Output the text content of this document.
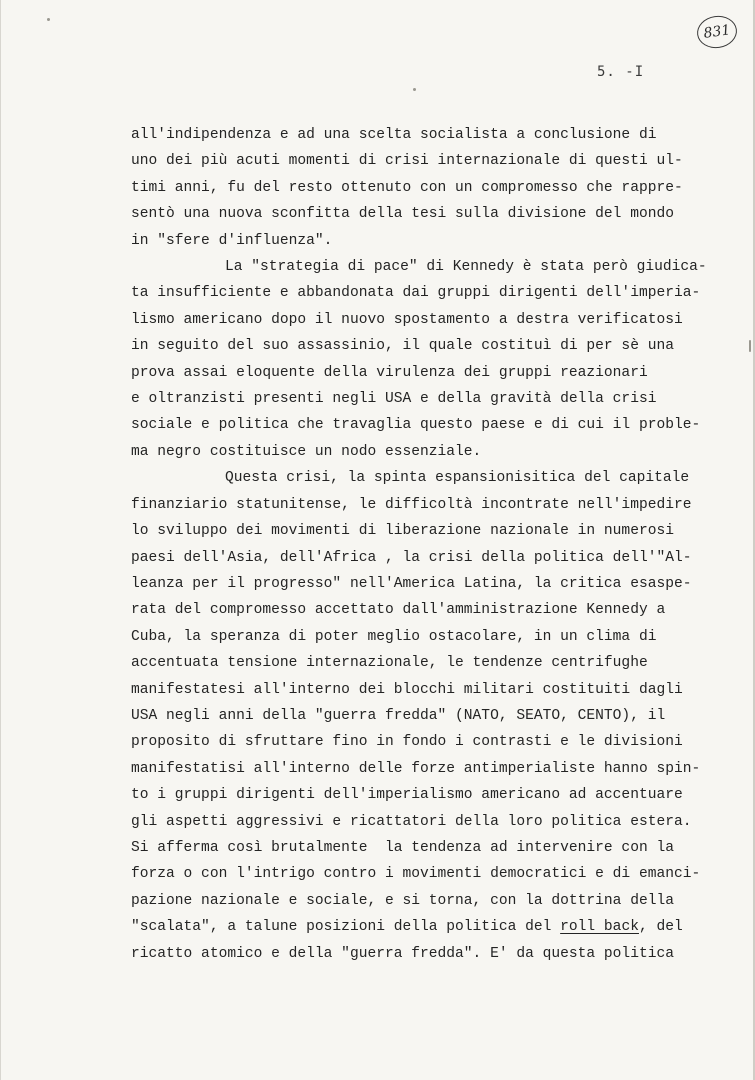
831
5. -I
all'indipendenza e ad una scelta socialista a conclusione di
uno dei più acuti momenti di crisi internazionale di questi ul-
timi anni, fu del resto ottenuto con un compromesso che rappre-
sentò una nuova sconfitta della tesi sulla divisione del mondo
in "sfere d'influenza".
La "strategia di pace" di Kennedy è stata però giudica-
ta insufficiente e abbandonata dai gruppi dirigenti dell'imperia-
lismo americano dopo il nuovo spostamento a destra verificatosi
in seguito del suo assassinio, il quale costituì di per sè una
prova assai eloquente della virulenza dei gruppi reazionari
e oltranzisti presenti negli USA e della gravità della crisi
sociale e politica che travaglia questo paese e di cui il proble-
ma negro costituisce un nodo essenziale.
Questa crisi, la spinta espansionisitica del capitale
finanziario statunitense, le difficoltà incontrate nell'impedire
lo sviluppo dei movimenti di liberazione nazionale in numerosi
paesi dell'Asia, dell'Africa , la crisi della politica dell'"Al-
leanza per il progresso" nell'America Latina, la critica esaspe-
rata del compromesso accettato dall'amministrazione Kennedy a
Cuba, la speranza di poter meglio ostacolare, in un clima di
accentuata tensione internazionale, le tendenze centrifughe
manifestatesi all'interno dei blocchi militari costituiti dagli
USA negli anni della "guerra fredda" (NATO, SEATO, CENTO), il
proposito di sfruttare fino in fondo i contrasti e le divisioni
manifestatisi all'interno delle forze antimperialiste hanno spin-
to i gruppi dirigenti dell'imperialismo americano ad accentuare
gli aspetti aggressivi e ricattatori della loro politica estera.
Si afferma così brutalmente  la tendenza ad intervenire con la
forza o con l'intrigo contro i movimenti democratici e di emanci-
pazione nazionale e sociale, e si torna, con la dottrina della
"scalata", a talune posizioni della politica del roll back, del
ricatto atomico e della "guerra fredda". E' da questa politica
